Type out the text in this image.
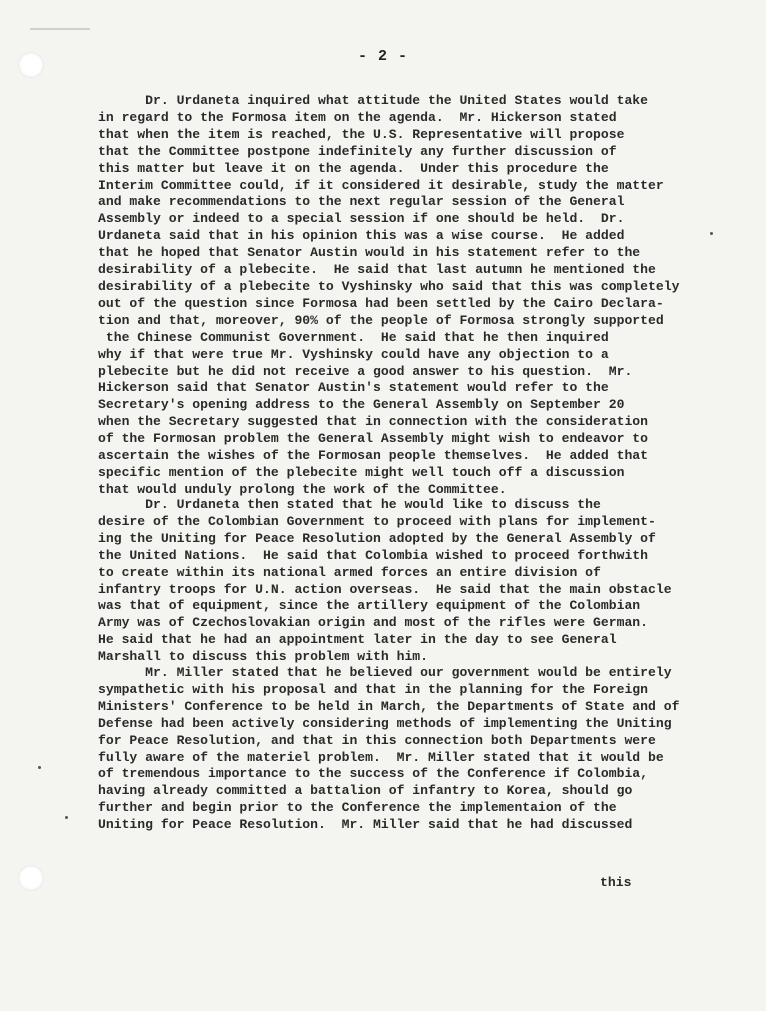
- 2 -
Dr. Urdaneta inquired what attitude the United States would take
in regard to the Formosa item on the agenda.  Mr. Hickerson stated
that when the item is reached, the U.S. Representative will propose
that the Committee postpone indefinitely any further discussion of
this matter but leave it on the agenda.  Under this procedure the
Interim Committee could, if it considered it desirable, study the matter
and make recommendations to the next regular session of the General
Assembly or indeed to a special session if one should be held.  Dr.
Urdaneta said that in his opinion this was a wise course.  He added
that he hoped that Senator Austin would in his statement refer to the
desirability of a plebecite.  He said that last autumn he mentioned the
desirability of a plebecite to Vyshinsky who said that this was completely
out of the question since Formosa had been settled by the Cairo Declara-
tion and that, moreover, 90% of the people of Formosa strongly supported
the Chinese Communist Government.  He said that he then inquired
why if that were true Mr. Vyshinsky could have any objection to a
plebecite but he did not receive a good answer to his question.  Mr.
Hickerson said that Senator Austin's statement would refer to the
Secretary's opening address to the General Assembly on September 20
when the Secretary suggested that in connection with the consideration
of the Formosan problem the General Assembly might wish to endeavor to
ascertain the wishes of the Formosan people themselves.  He added that
specific mention of the plebecite might well touch off a discussion
that would unduly prolong the work of the Committee.
Dr. Urdaneta then stated that he would like to discuss the
desire of the Colombian Government to proceed with plans for implement-
ing the Uniting for Peace Resolution adopted by the General Assembly of
the United Nations.  He said that Colombia wished to proceed forthwith
to create within its national armed forces an entire division of
infantry troops for U.N. action overseas.  He said that the main obstacle
was that of equipment, since the artillery equipment of the Colombian
Army was of Czechoslovakian origin and most of the rifles were German.
He said that he had an appointment later in the day to see General
Marshall to discuss this problem with him.
Mr. Miller stated that he believed our government would be entirely
sympathetic with his proposal and that in the planning for the Foreign
Ministers' Conference to be held in March, the Departments of State and of
Defense had been actively considering methods of implementing the Uniting
for Peace Resolution, and that in this connection both Departments were
fully aware of the materiel problem.  Mr. Miller stated that it would be
of tremendous importance to the success of the Conference if Colombia,
having already committed a battalion of infantry to Korea, should go
further and begin prior to the Conference the implementaion of the
Uniting for Peace Resolution.  Mr. Miller said that he had discussed
this
